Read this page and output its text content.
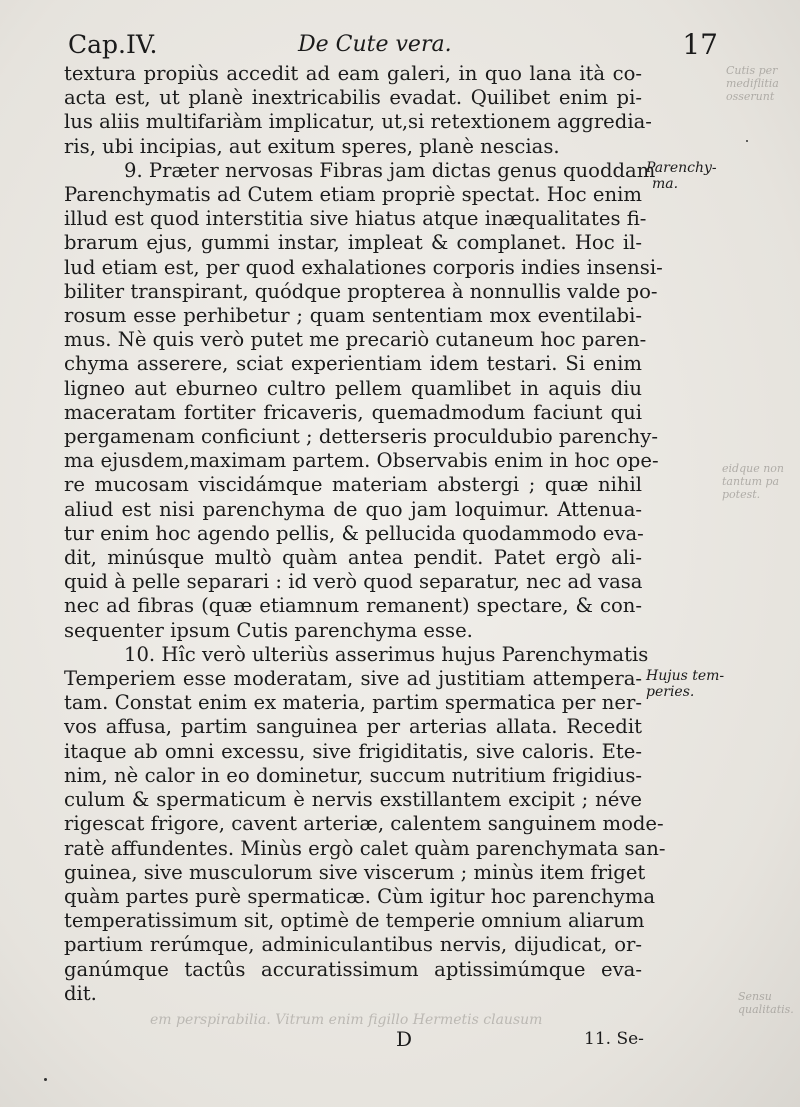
Cap.IV.	De Cute vera.	17
textura propiùs accedit ad eam galeri, in quo lana ità co-
acta est, ut planè inextricabilis evadat. Quilibet enim pi-
lus aliis multifariàm implicatur, ut,si retextionem aggredia-
ris, ubi incipias, aut exitum speres, planè nescias.
9. Præter nervosas Fibras jam dictas genus quoddam
Parenchymatis ad Cutem etiam propriè spectat. Hoc enim
illud est quod interstitia sive hiatus atque inæqualitates fi-
brarum ejus, gummi instar, impleat & complanet. Hoc il-
lud etiam est, per quod exhalationes corporis indies insensi-
biliter transpirant, quódque propterea à nonnullis valde po-
rosum esse perhibetur ; quam sententiam mox eventilabi-
mus. Nè quis verò putet me precariò cutaneum hoc paren-
chyma asserere, sciat experientiam idem testari. Si enim
ligneo aut eburneo cultro pellem quamlibet in aquis diu
maceratam fortiter fricaveris, quemadmodum faciunt qui
pergamenam conficiunt ; detterseris proculdubio parenchy-
ma ejusdem,maximam partem. Observabis enim in hoc ope-
re mucosam viscidámque materiam abstergi ; quæ nihil
aliud est nisi parenchyma de quo jam loquimur. Attenua-
tur enim hoc agendo pellis, & pellucida quodammodo eva-
dit, minúsque multò quàm antea pendit. Patet ergò ali-
quid à pelle separari : id verò quod separatur, nec ad vasa
nec ad fibras (quæ etiamnum remanent) spectare, & con-
sequenter ipsum Cutis parenchyma esse.
10. Hîc verò ulteriùs asserimus hujus Parenchymatis
Temperiem esse moderatam, sive ad justitiam attempera-
tam. Constat enim ex materia, partim spermatica per ner-
vos affusa, partim sanguinea per arterias allata. Recedit
itaque ab omni excessu, sive frigiditatis, sive caloris. Ete-
nim, nè calor in eo dominetur, succum nutritium frigidius-
culum & spermaticum è nervis exstillantem excipit ; néve
rigescat frigore, cavent arteriæ, calentem sanguinem mode-
ratè affundentes. Minùs ergò calet quàm parenchymata san-
guinea, sive musculorum sive viscerum ; minùs item friget
quàm partes purè spermaticæ. Cùm igitur hoc parenchyma
temperatissimum sit, optimè de temperie omnium aliarum
partium rerúmque, adminiculantibus nervis, dijudicat, or-
ganúmque tactûs accuratissimum aptissimúmque eva-
dit.
Parenchy-
ma.
Hujus tem-
peries.
Cutis per
mediflitia
osserunt
eidque non
tantum pa
potest.
Sensu
qualitatis.
em perspirabilia. Vitrum enim figillo Hermetis clausum
D	11. Se-
